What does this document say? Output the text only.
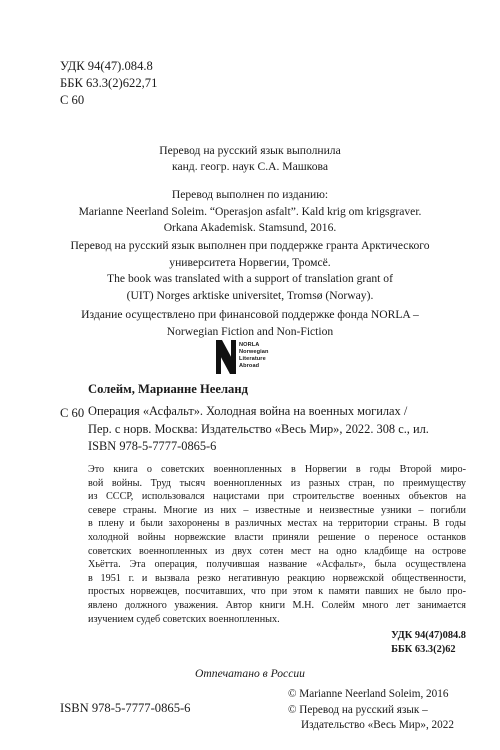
УДК 94(47).084.8
ББК 63.3(2)622,71
С 60
Перевод на русский язык выполнила
канд. геогр. наук С.А. Машкова
Перевод выполнен по изданию:
Marianne Neerland Soleim. “Operasjon asfalt”. Kald krig om krigsgraver.
Orkana Akademisk. Stamsund, 2016.
Перевод на русский язык выполнен при поддержке гранта Арктического
университета Норвегии, Тромсё.
The book was translated with a support of translation grant of
(UIT) Norges arktiske universitet, Tromsø (Norway).
Издание осуществлено при финансовой поддержке фонда NORLA –
Norwegian Fiction and Non-Fiction
NORLA
Norwegian
Literature
Abroad
Солейм, Марианне Нееланд
С 60 Операция «Асфальт». Холодная война на военных могилах /
Пер. с норв. Москва: Издательство «Весь Мир», 2022. 308 с., ил.
ISBN 978-5-7777-0865-6
Это книга о советских военнопленных в Норвегии в годы Второй миро-
вой войны. Труд тысяч военнопленных из разных стран, по преимуществу
из СССР, использовался нацистами при строительстве военных объектов на
севере страны. Многие из них – известные и неизвестные узники – погибли
в плену и были захоронены в различных местах на территории страны. В годы
холодной войны норвежские власти приняли решение о переносе останков
советских военнопленных из двух сотен мест на одно кладбище на острове
Хьётта. Эта операция, получившая название «Асфальт», была осуществлена
в 1951 г. и вызвала резко негативную реакцию норвежской общественности,
простых норвежцев, посчитавших, что при этом к памяти павших не было про-
явлено должного уважения. Автор книги М.Н. Солейм много лет занимается
изучением судеб советских военнопленных.
УДК 94(47)084.8
ББК 63.3(2)62
Отпечатано в России
ISBN 978-5-7777-0865-6
© Marianne Neerland Soleim, 2016
© Перевод на русский язык –
Издательство «Весь Мир», 2022
